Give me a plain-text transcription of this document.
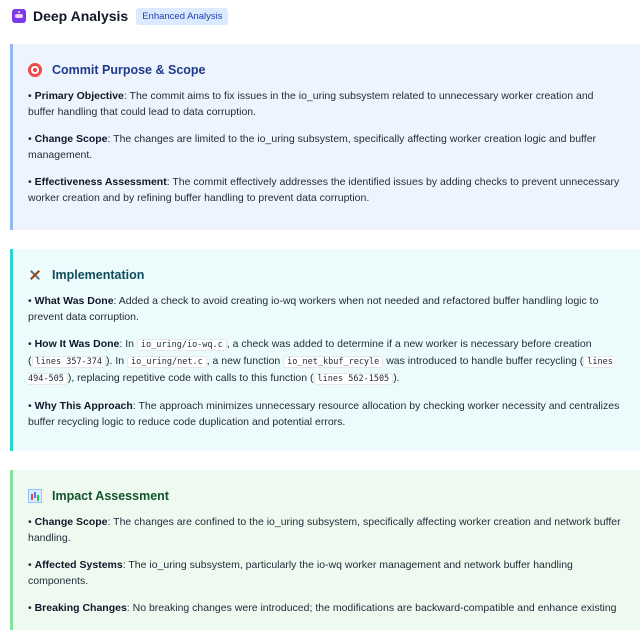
Deep Analysis	Enhanced Analysis
Commit Purpose & Scope
• Primary Objective: The commit aims to fix issues in the io_uring subsystem related to unnecessary worker creation and buffer handling that could lead to data corruption.
• Change Scope: The changes are limited to the io_uring subsystem, specifically affecting worker creation logic and buffer management.
• Effectiveness Assessment: The commit effectively addresses the identified issues by adding checks to prevent unnecessary worker creation and by refining buffer handling to prevent data corruption.
Implementation
• What Was Done: Added a check to avoid creating io-wq workers when not needed and refactored buffer handling logic to prevent data corruption.
• How It Was Done: In io_uring/io-wq.c , a check was added to determine if a new worker is necessary before creation ( lines 357-374 ). In io_uring/net.c , a new function io_net_kbuf_recyle was introduced to handle buffer recycling ( lines 494-505 ), replacing repetitive code with calls to this function ( lines 562-1505 ).
• Why This Approach: The approach minimizes unnecessary resource allocation by checking worker necessity and centralizes buffer recycling logic to reduce code duplication and potential errors.
Impact Assessment
• Change Scope: The changes are confined to the io_uring subsystem, specifically affecting worker creation and network buffer handling.
• Affected Systems: The io_uring subsystem, particularly the io-wq worker management and network buffer handling components.
• Breaking Changes: No breaking changes were introduced; the modifications are backward-compatible and enhance existing
